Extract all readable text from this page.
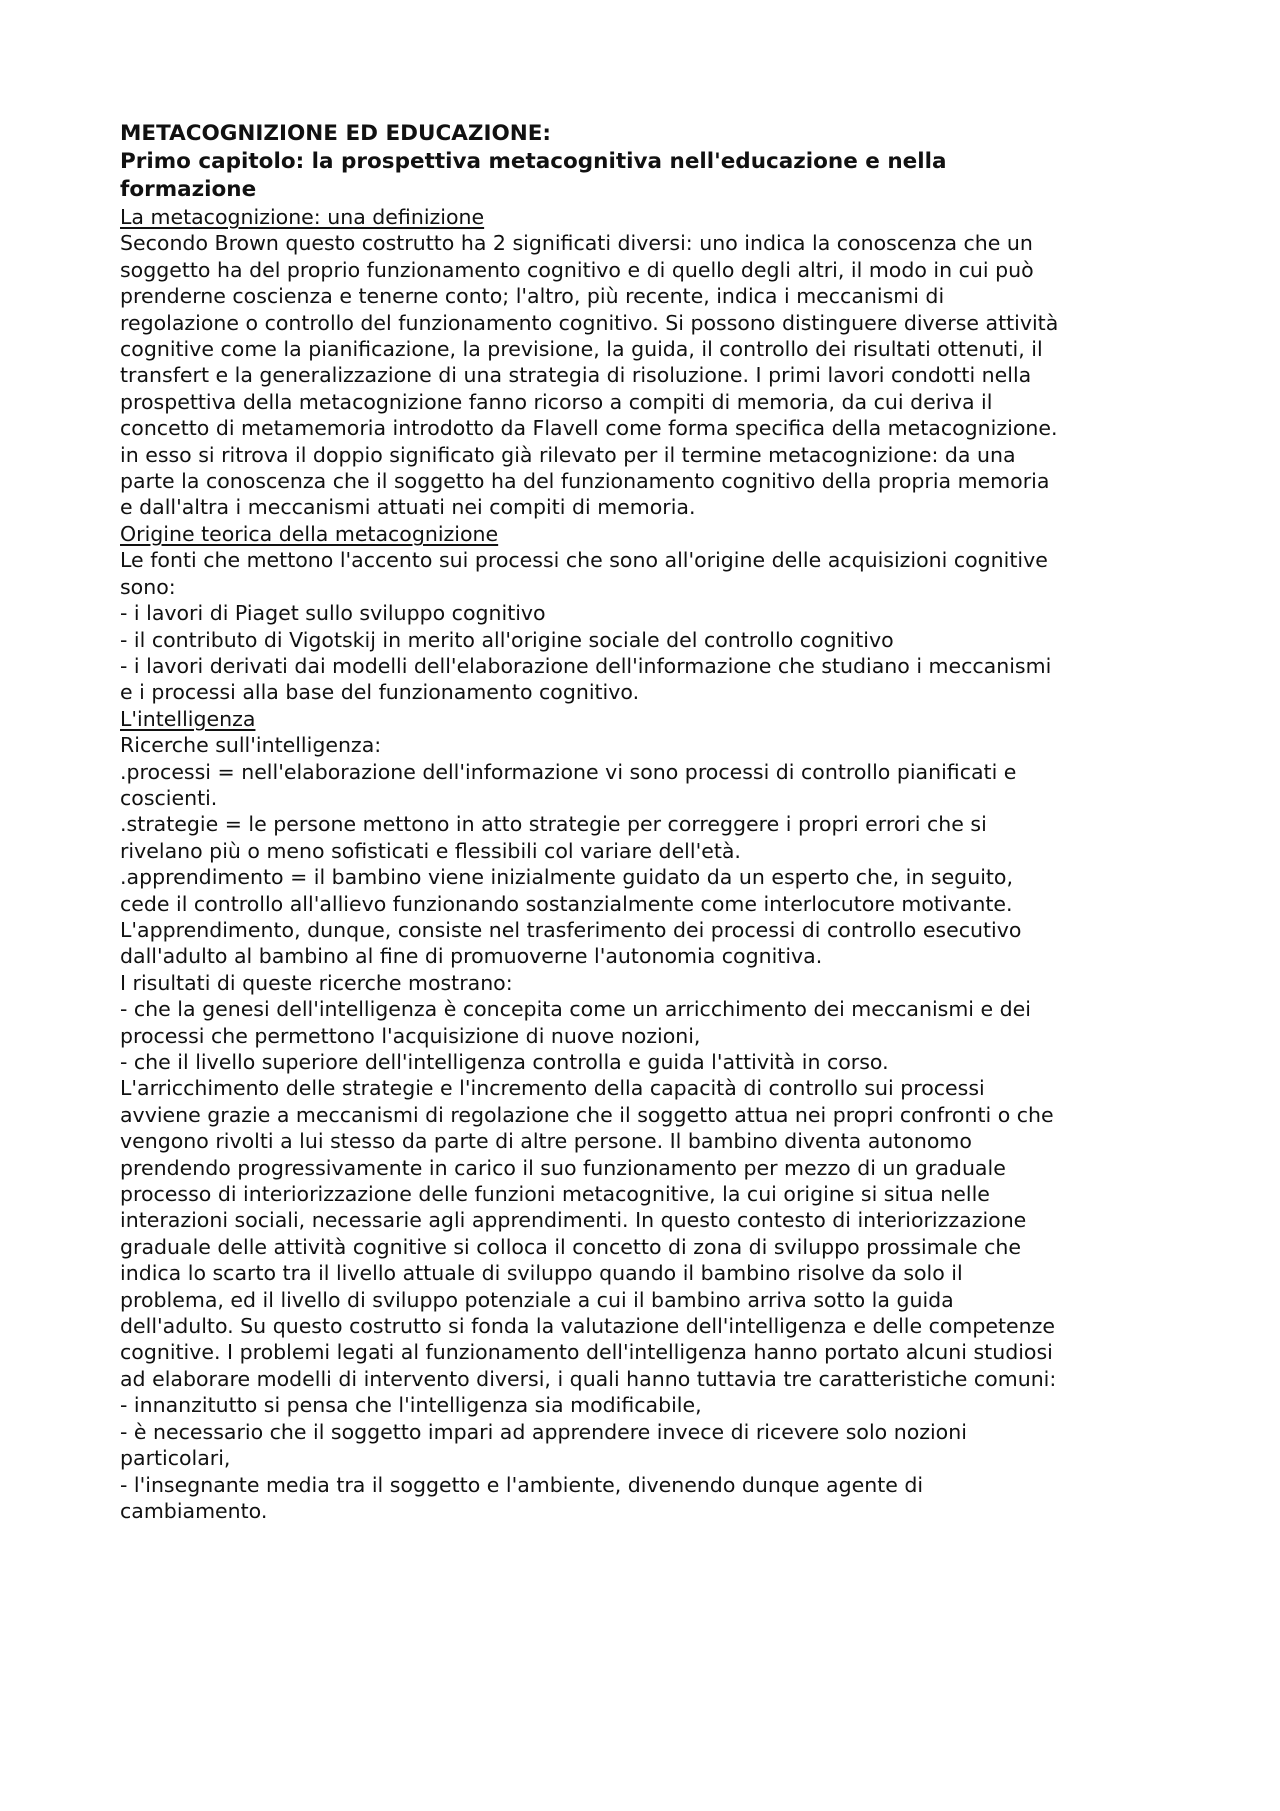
METACOGNIZIONE ED EDUCAZIONE:
Primo capitolo: la prospettiva metacognitiva nell'educazione e nella
formazione
La metacognizione: una definizione
Secondo Brown questo costrutto ha 2 significati diversi: uno indica la conoscenza che un
soggetto ha del proprio funzionamento cognitivo e di quello degli altri, il modo in cui può
prenderne coscienza e tenerne conto; l'altro, più recente, indica i meccanismi di
regolazione o controllo del funzionamento cognitivo. Si possono distinguere diverse attività
cognitive come la pianificazione, la previsione, la guida, il controllo dei risultati ottenuti, il
transfert e la generalizzazione di una strategia di risoluzione. I primi lavori condotti nella
prospettiva della metacognizione fanno ricorso a compiti di memoria, da cui deriva il
concetto di metamemoria introdotto da Flavell come forma specifica della metacognizione.
in esso si ritrova il doppio significato già rilevato per il termine metacognizione: da una
parte la conoscenza che il soggetto ha del funzionamento cognitivo della propria memoria
e dall'altra i meccanismi attuati nei compiti di memoria.
Origine teorica della metacognizione
Le fonti che mettono l'accento sui processi che sono all'origine delle acquisizioni cognitive
sono:
- i lavori di Piaget sullo sviluppo cognitivo
- il contributo di Vigotskij in merito all'origine sociale del controllo cognitivo
- i lavori derivati dai modelli dell'elaborazione dell'informazione che studiano i meccanismi
e i processi alla base del funzionamento cognitivo.
L'intelligenza
Ricerche sull'intelligenza:
.processi = nell'elaborazione dell'informazione vi sono processi di controllo pianificati e
coscienti.
.strategie = le persone mettono in atto strategie per correggere i propri errori che si
rivelano più o meno sofisticati e flessibili col variare dell'età.
.apprendimento = il bambino viene inizialmente guidato da un esperto che, in seguito,
cede il controllo all'allievo funzionando sostanzialmente come interlocutore motivante.
L'apprendimento, dunque, consiste nel trasferimento dei processi di controllo esecutivo
dall'adulto al bambino al fine di promuoverne l'autonomia cognitiva.
I risultati di queste ricerche mostrano:
- che la genesi dell'intelligenza è concepita come un arricchimento dei meccanismi e dei
processi che permettono l'acquisizione di nuove nozioni,
- che il livello superiore dell'intelligenza controlla e guida l'attività in corso.
L'arricchimento delle strategie e l'incremento della capacità di controllo sui processi
avviene grazie a meccanismi di regolazione che il soggetto attua nei propri confronti o che
vengono rivolti a lui stesso da parte di altre persone. Il bambino diventa autonomo
prendendo progressivamente in carico il suo funzionamento per mezzo di un graduale
processo di interiorizzazione delle funzioni metacognitive, la cui origine si situa nelle
interazioni sociali, necessarie agli apprendimenti. In questo contesto di interiorizzazione
graduale delle attività cognitive si colloca il concetto di zona di sviluppo prossimale che
indica lo scarto tra il livello attuale di sviluppo quando il bambino risolve da solo il
problema, ed il livello di sviluppo potenziale a cui il bambino arriva sotto la guida
dell'adulto. Su questo costrutto si fonda la valutazione dell'intelligenza e delle competenze
cognitive. I problemi legati al funzionamento dell'intelligenza hanno portato alcuni studiosi
ad elaborare modelli di intervento diversi, i quali hanno tuttavia tre caratteristiche comuni:
- innanzitutto si pensa che l'intelligenza sia modificabile,
- è necessario che il soggetto impari ad apprendere invece di ricevere solo nozioni
particolari,
- l'insegnante media tra il soggetto e l'ambiente, divenendo dunque agente di
cambiamento.
